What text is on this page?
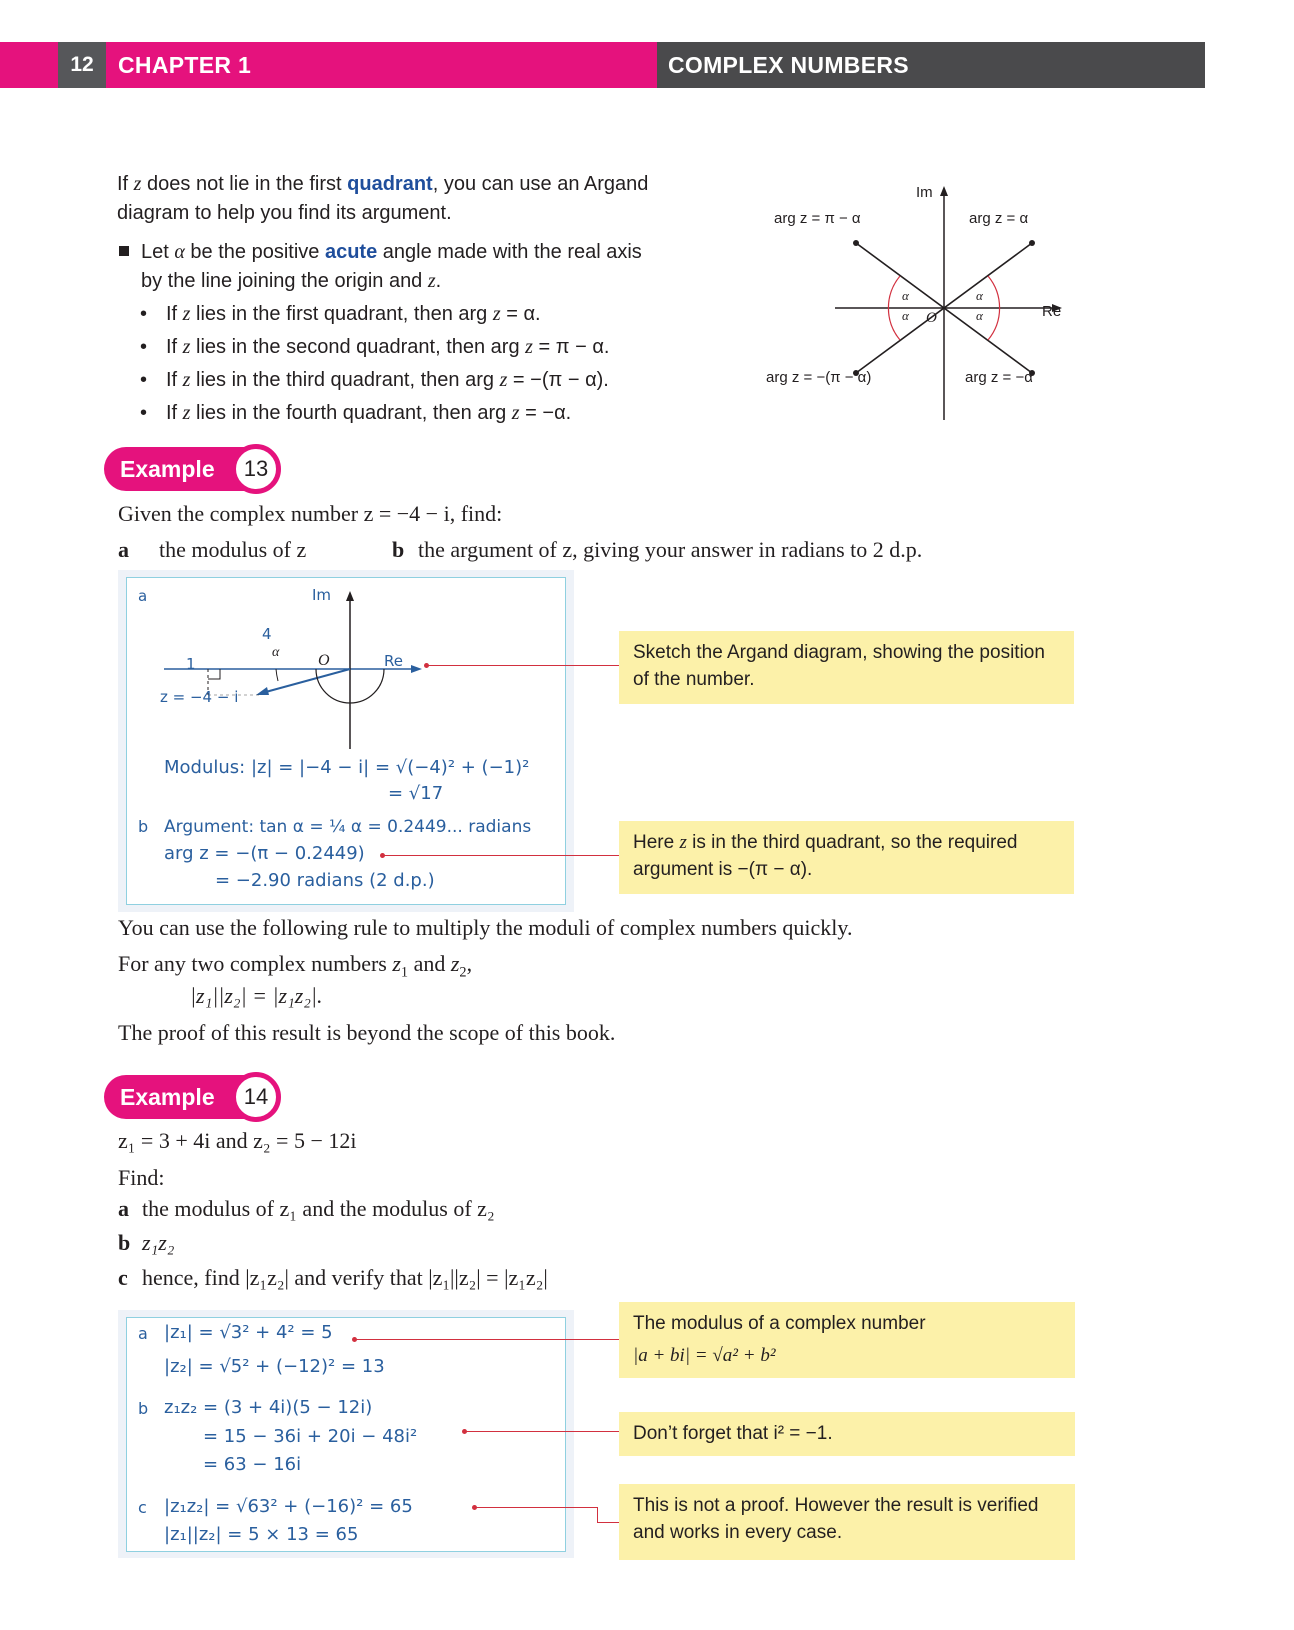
12	CHAPTER 1	COMPLEX NUMBERS
If z does not lie in the first quadrant, you can use an Argand
diagram to help you find its argument.
Let α be the positive acute angle made with the real axis
by the line joining the origin and z.
• If z lies in the first quadrant, then arg z = α.
• If z lies in the second quadrant, then arg z = π − α.
• If z lies in the third quadrant, then arg z = −(π − α).
• If z lies in the fourth quadrant, then arg z = −α.
Im
Re
O
arg z = π − α	arg z = α
arg z = −(π − α)	arg z = −α
α
α
α
α
Example	13
Given the complex number z = −4 − i, find:
a the modulus of z	b the argument of z, giving your answer in radians to 2 d.p.
a	Im
Re
O
4
1
α
z = −4 − i
Modulus: |z| = |−4 − i| = √(−4)² + (−1)²
= √17
b Argument: tan α = ¼ α = 0.2449... radians
arg z = −(π − 0.2449)
= −2.90 radians (2 d.p.)
Sketch the Argand diagram, showing the position of the number.
Here z is in the third quadrant, so the required argument is −(π − α).
You can use the following rule to multiply the moduli of complex numbers quickly.
For any two complex numbers $z_1$ and $z_2$,
|z₁||z₂| = |z₁z₂|.
The proof of this result is beyond the scope of this book.
Example	14
z₁ = 3 + 4i and z₂ = 5 − 12i
Find:
a the modulus of z₁ and the modulus of z₂
b z₁z₂
c hence, find |z₁z₂| and verify that |z₁||z₂| = |z₁z₂|
a |z₁| = √3² + 4² = 5
|z₂| = √5² + (−12)² = 13
b z₁z₂ = (3 + 4i)(5 − 12i)
= 15 − 36i + 20i − 48i²
= 63 − 16i
c |z₁z₂| = √63² + (−16)² = 65
|z₁||z₂| = 5 × 13 = 65
The modulus of a complex number
|a + bi| = √a² + b²
Don’t forget that i² = −1.
This is not a proof. However the result is verified and works in every case.
